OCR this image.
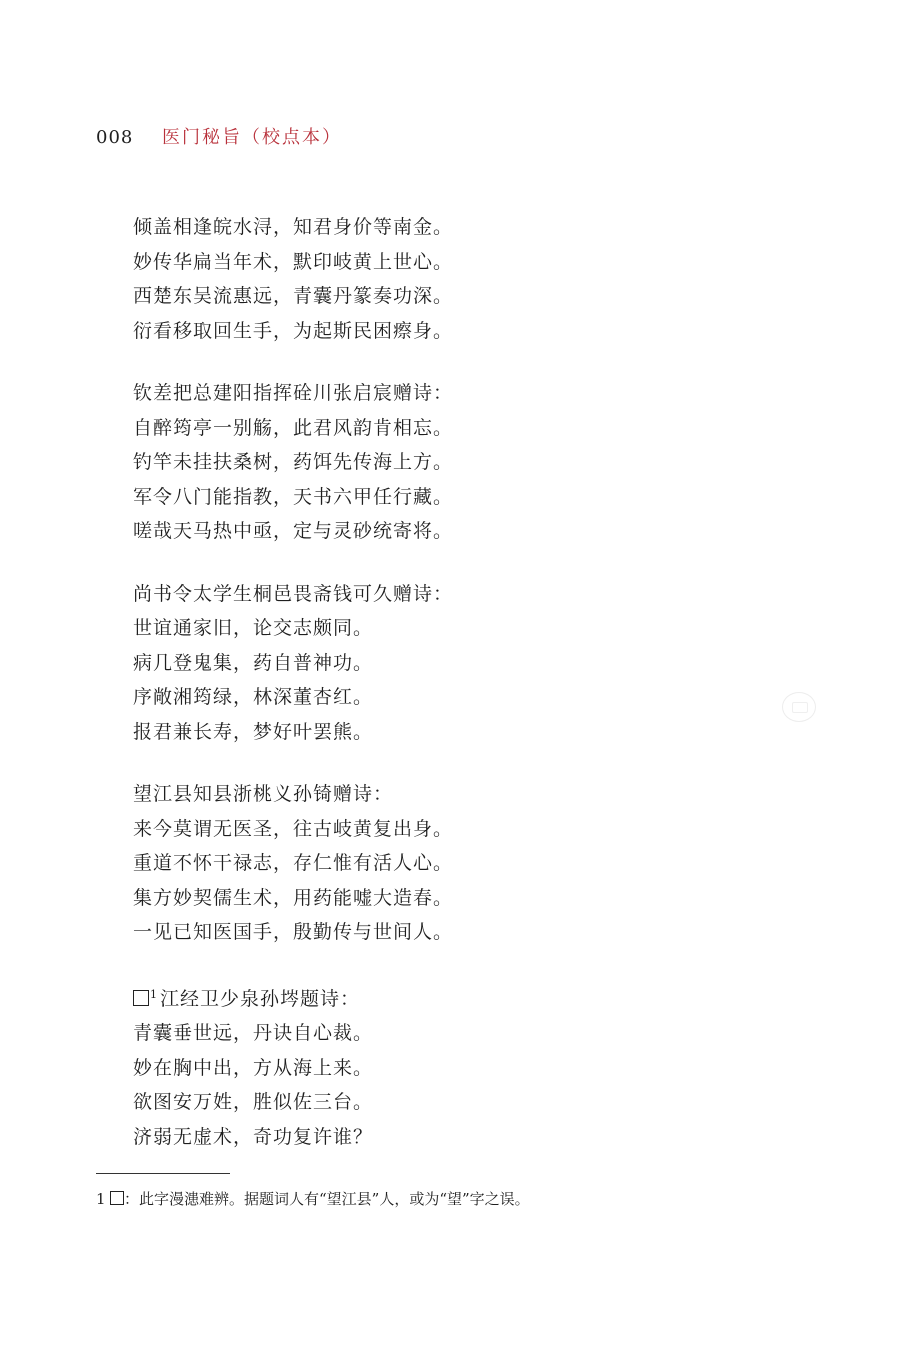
008 医门秘旨（校点本）
倾盖相逢皖水浔，知君身价等南金。
妙传华扁当年术，默印岐黄上世心。
西楚东吴流惠远，青囊丹篆奏功深。
衍看移取回生手，为起斯民困瘵身。
钦差把总建阳指挥硂川张启宸赠诗：
自醉筠亭一别觞，此君风韵肯相忘。
钓竿未挂扶桑树，药饵先传海上方。
军令八门能指教，天书六甲任行藏。
嗟哉天马热中亟，定与灵砂统寄将。
尚书令太学生桐邑畏斋钱可久赠诗：
世谊通家旧，论交志颇同。
病几登鬼集，药自普神功。
序敞湘筠绿，林深董杏红。
报君兼长寿，梦好叶罢熊。
望江县知县浙桃义孙锜赠诗：
来今莫谓无医圣，往古岐黄复出身。
重道不怀干禄志，存仁惟有活人心。
集方妙契儒生术，用药能嘘大造春。
一见已知医国手，殷勤传与世间人。
$^1$ 江经卫少泉孙埁题诗：
青囊垂世远，丹诀自心裁。
妙在胸中出，方从海上来。
欲图安万姓，胜似佐三台。
济弱无虚术，奇功复许谁？
1 ：此字漫漶难辨。据题词人有“望江县”人，或为“望”字之误。
